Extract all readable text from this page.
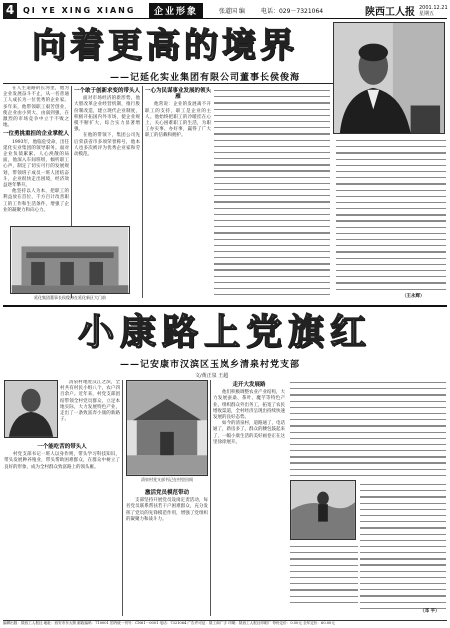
4	QI YE XING XIANG	企业形象	张道国 编	电话：029－7321064	陕西工人报 2001.12.21 星期五
向着更高的境界
——记延化实业集团有限公司董事长侯俊海

在人生道路的长河里，他为企业发展奋斗不止，从一名普通工人成长为一位优秀的企业家。多年来，他带领职工艰苦创业，使企业由小到大、由弱到强，在激烈的市场竞争中立于不败之地。

一位勇挑重担的企业掌舵人

1993年，他临危受命，出任延化实业集团的领导职务。面对企业负债累累、人心涣散的局面，他深入车间班组，倾听职工心声，制定了切实可行的发展规划，带领班子成员一班人团结奋斗，企业很快走出困境，经济效益逐年攀升。

他坚持以人为本，把职工的利益放在首位，千方百计改善职工的工作和生活条件，增强了企业的凝聚力和向心力。

一个敢于创新求变的带头人

面对市场经济的新形势，他大胆改革企业经营机制，推行股份制改造，建立现代企业制度，积极开拓国内外市场，使企业规模不断扩大，综合实力显著增强。

在他的带领下，集团公司先后荣获省市多项荣誉称号，他本人也多次被评为优秀企业家和劳动模范。

一心为民谋事业发展的领头雁

他常说：企业的发展离不开职工的支持，职工是企业的主人。他始终把职工的冷暖挂在心上，关心困难职工的生活，为职工办实事、办好事，赢得了广大职工的信赖和拥护。

延化集团董事长侯俊海在延化新区大门前	（王永辉）
小康路上党旗红
——记安康市汉滨区玉岚乡清泉村党支部
文/黄正泉 王超

清泉村地处汉江之滨，全村共有村民小组八个，农户四百余户。近年来，村党支部团结带领全村党员群众，立足本地实际，大力发展特色产业，走出了一条致富奔小康的新路子。

一个能吃苦的带头人

村党支部书记一班人以身作则，带头学习科技知识，带头发展种养殖业，带头帮助困难群众，在群众中树立了良好的形象，成为全村群众致富路上的领头雁。

清泉村党支部书记在村里田间
激活党员模范带动

支部坚持开展党员设岗定责活动，每名党员联系帮扶若干户困难群众，充分发挥了党员的先锋模范作用，增强了党组织的凝聚力和战斗力。

走开大发展路

他们积极调整农业产业结构，大力发展蚕桑、茶叶、魔芋等特色产业，组织群众外出务工，拓宽了农民增收渠道，全村经济呈现出持续快速发展的良好态势。

如今的清泉村，道路通了，电话通了，新房多了，群众的腰包鼓起来了，一幅小康生活的美好画卷正在这里徐徐展开。

（邓 平）
编辑出版：陕西工人报社 地址：西安市东大街 邮政编码：710001 国内统一刊号：CN61－0001 电话：7321064 广告许可证：陕工商广字 印刷：陕西工人报社印刷厂 每份定价：0.50元 全年定价：60.00元
